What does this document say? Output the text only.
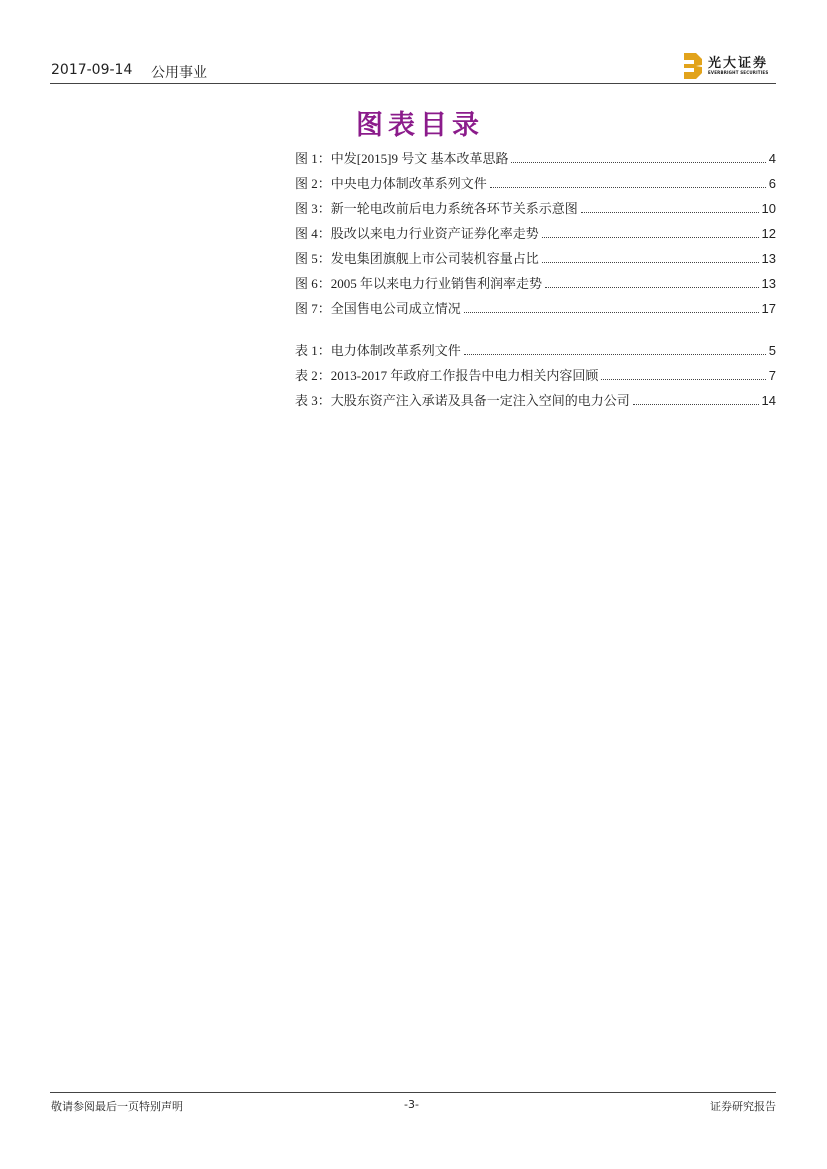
2017-09-14 公用事业
光大证券
EVERBRIGHT SECURITIES
图表目录
图 1 ： 中发[2015]9 号文 基本改革思路	4
图 2 ： 中央电力体制改革系列文件	6
图 3 ： 新一轮电改前后电力系统各环节关系示意图	10
图 4 ： 股改以来电力行业资产证券化率走势	12
图 5 ： 发电集团旗舰上市公司装机容量占比	13
图 6 ： 2005 年以来电力行业销售利润率走势	13
图 7 ： 全国售电公司成立情况	17
表 1 ： 电力体制改革系列文件	5
表 2 ： 2013-2017 年政府工作报告中电力相关内容回顾	7
表 3 ： 大股东资产注入承诺及具备一定注入空间的电力公司	14
敬请参阅最后一页特别声明	-3-	证券研究报告
